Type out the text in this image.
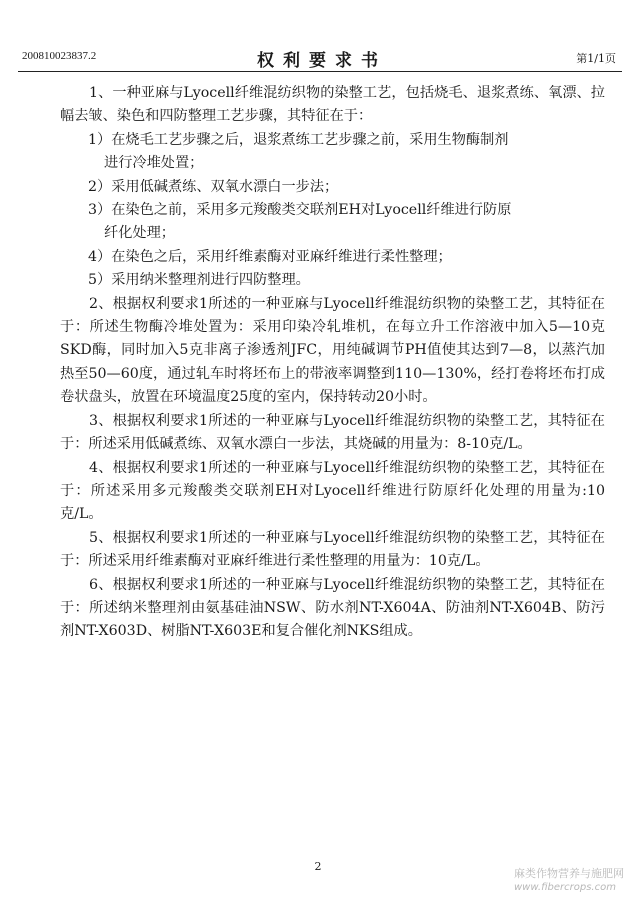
200810023837.2	权利要求书	第1/1页

1、一种亚麻与Lyocell纤维混纺织物的染整工艺，包括烧毛、退浆煮练、氧漂、拉幅去皱、染色和四防整理工艺步骤，其特征在于：

1）在烧毛工艺步骤之后，退浆煮练工艺步骤之前，采用生物酶制剂

进行冷堆处置；

2）采用低碱煮练、双氧水漂白一步法；

3）在染色之前，采用多元羧酸类交联剂EH对Lyocell纤维进行防原

纤化处理；

4）在染色之后，采用纤维素酶对亚麻纤维进行柔性整理；

5）采用纳米整理剂进行四防整理。

2、根据权利要求1所述的一种亚麻与Lyocell纤维混纺织物的染整工艺，其特征在于：所述生物酶冷堆处置为：采用印染冷轧堆机，在每立升工作溶液中加入5—10克SKD酶，同时加入5克非离子渗透剂JFC，用纯碱调节PH值使其达到7—8，以蒸汽加热至50—60度，通过轧车时将坯布上的带液率调整到110—130%，经打卷将坯布打成卷状盘头，放置在环境温度25度的室内，保持转动20小时。

3、根据权利要求1所述的一种亚麻与Lyocell纤维混纺织物的染整工艺，其特征在于：所述采用低碱煮练、双氧水漂白一步法，其烧碱的用量为：8-10克/L。

4、根据权利要求1所述的一种亚麻与Lyocell纤维混纺织物的染整工艺，其特征在于：所述采用多元羧酸类交联剂EH对Lyocell纤维进行防原纤化处理的用量为:10克/L。

5、根据权利要求1所述的一种亚麻与Lyocell纤维混纺织物的染整工艺，其特征在于：所述采用纤维素酶对亚麻纤维进行柔性整理的用量为：10克/L。

6、根据权利要求1所述的一种亚麻与Lyocell纤维混纺织物的染整工艺，其特征在于：所述纳米整理剂由氨基硅油NSW、防水剂NT-X604A、防油剂NT-X604B、防污剂NT-X603D、树脂NT-X603E和复合催化剂NKS组成。

2
麻类作物营养与施肥网
www.fibercrops.com
